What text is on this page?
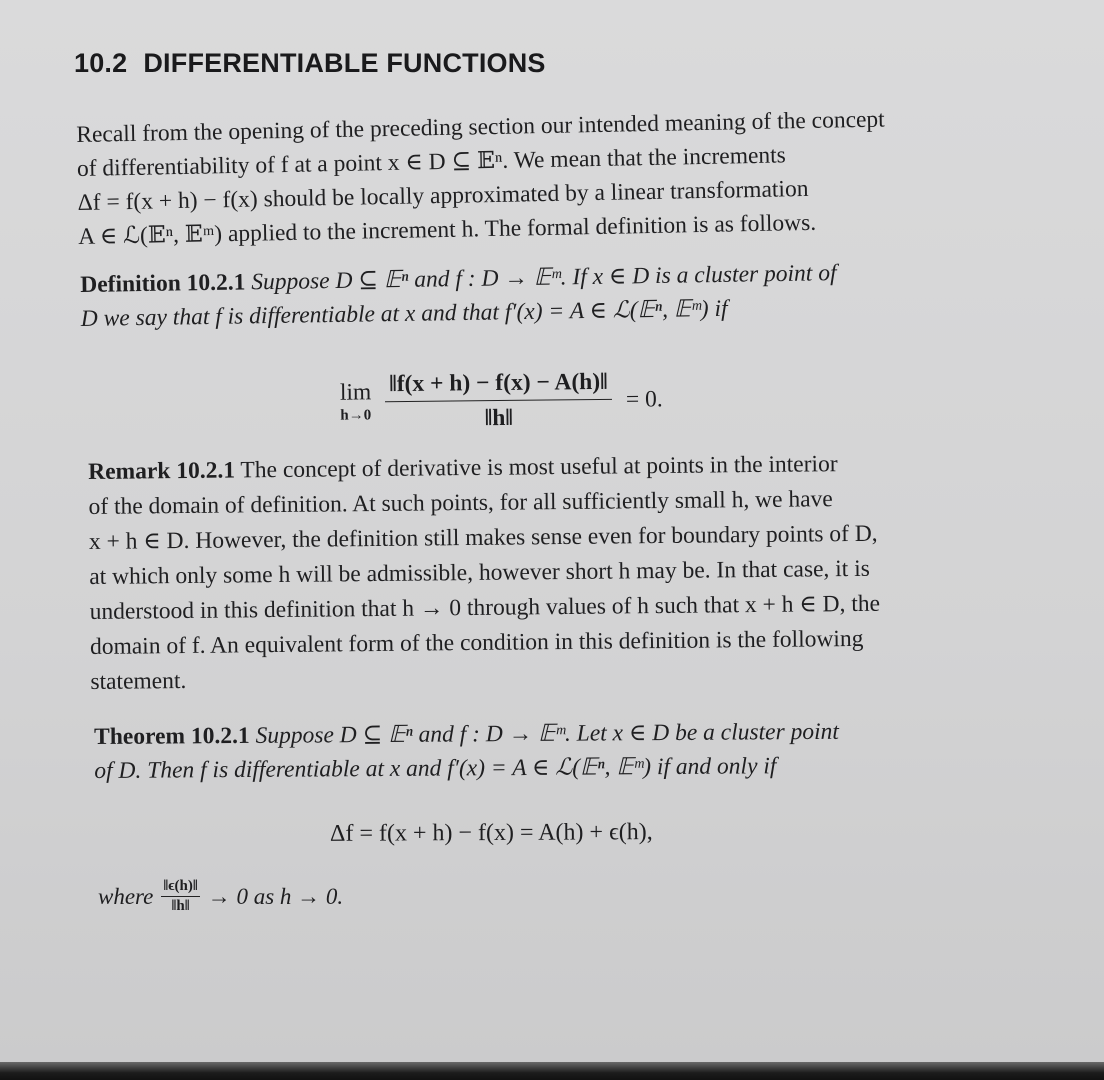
10.2 DIFFERENTIABLE FUNCTIONS
Recall from the opening of the preceding section our intended meaning of the concept
of differentiability of f at a point x ∈ D ⊆ 𝔼ⁿ. We mean that the increments
Δf = f(x + h) − f(x) should be locally approximated by a linear transformation
A ∈ ℒ(𝔼ⁿ, 𝔼ᵐ) applied to the increment h. The formal definition is as follows.
Definition 10.2.1 Suppose D ⊆ 𝔼ⁿ and f : D → 𝔼ᵐ. If x ∈ D is a cluster point of
D we say that f is differentiable at x and that f′(x) = A ∈ ℒ(𝔼ⁿ, 𝔼ᵐ) if
lim
$h\to 0 \frac{‖f(x + h) - f(x) - A(h)‖}{‖h‖} = 0$.
Remark 10.2.1 The concept of derivative is most useful at points in the interior
of the domain of definition. At such points, for all sufficiently small h, we have
x + h ∈ D. However, the definition still makes sense even for boundary points of D,
at which only some h will be admissible, however short h may be. In that case, it is
understood in this definition that h → 0 through values of h such that x + h ∈ D, the
domain of f. An equivalent form of the condition in this definition is the following
statement.
Theorem 10.2.1 Suppose D ⊆ 𝔼ⁿ and f : D → 𝔼ᵐ. Let x ∈ D be a cluster point
of D. Then f is differentiable at x and f′(x) = A ∈ ℒ(𝔼ⁿ, 𝔼ᵐ) if and only if
Δf = f(x + h) − f(x) = A(h) + ϵ(h),
where $\frac{‖\epsilon(h)‖}{‖h‖} \to 0$ as h → 0.
